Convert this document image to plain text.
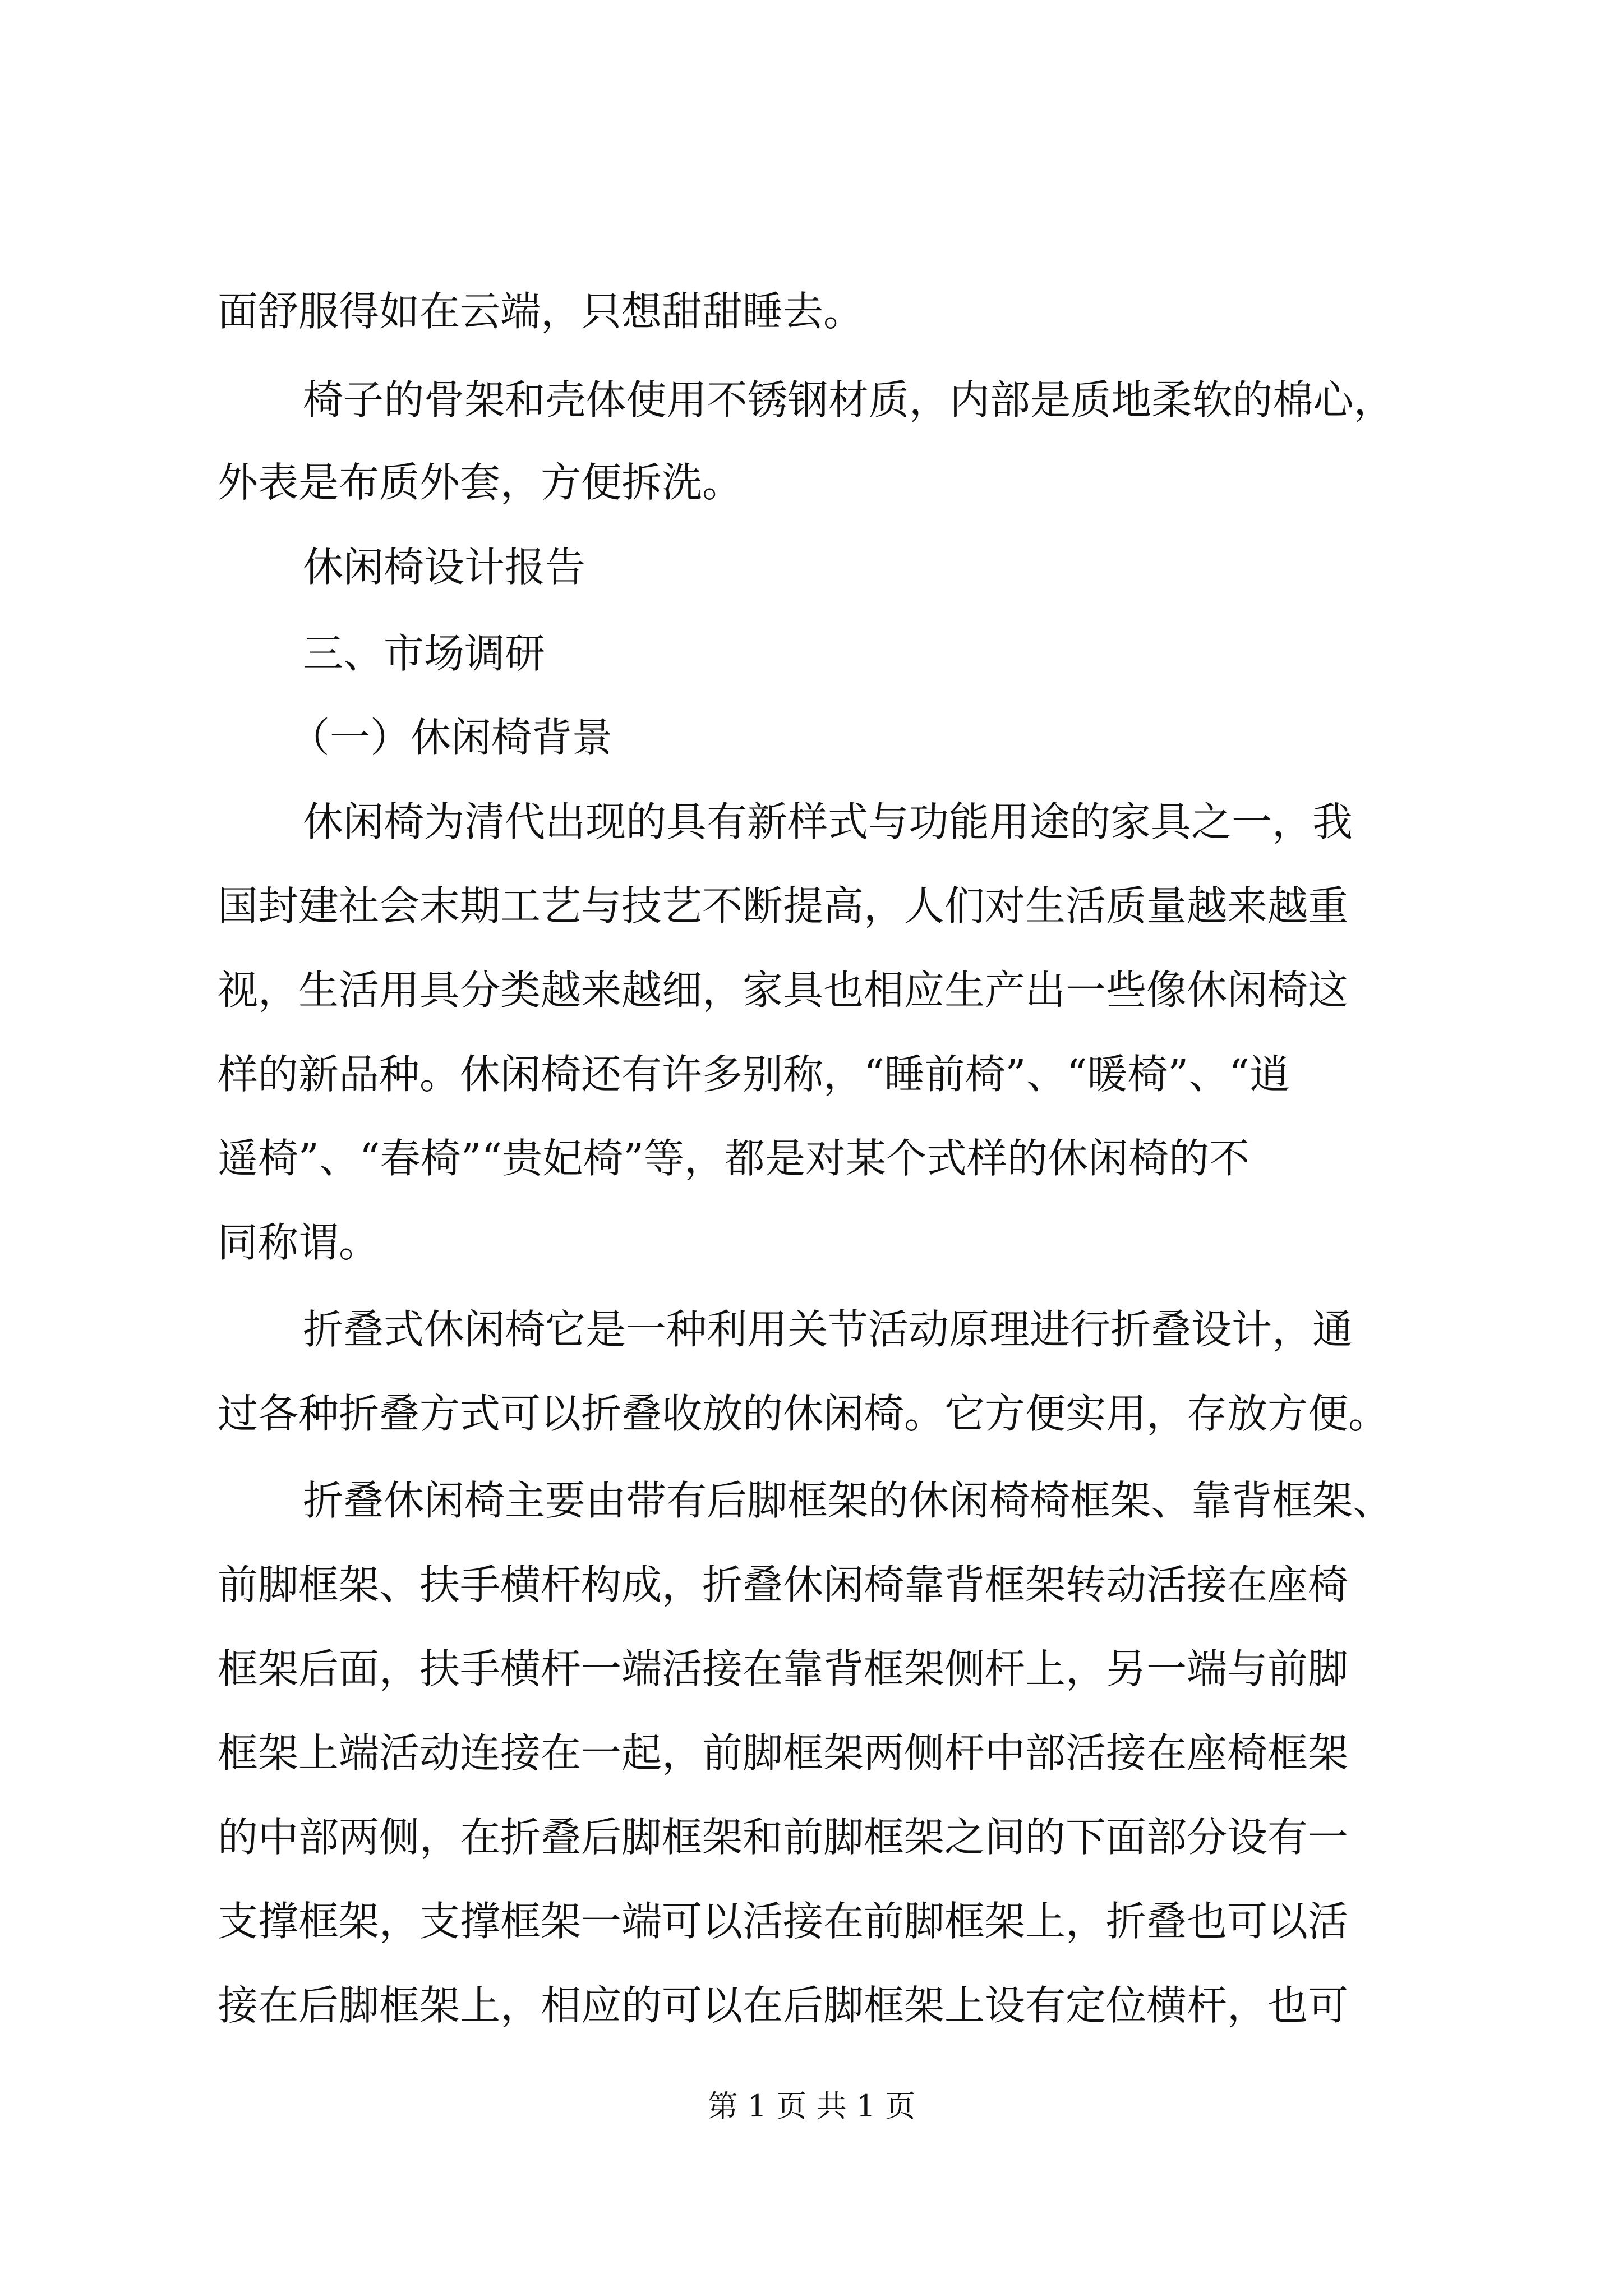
面舒服得如在云端，只想甜甜睡去。
椅子的骨架和壳体使用不锈钢材质，内部是质地柔软的棉心，
外表是布质外套，方便拆洗。
休闲椅设计报告
三、市场调研
（一）休闲椅背景
休闲椅为清代出现的具有新样式与功能用途的家具之一，我
国封建社会末期工艺与技艺不断提高，人们对生活质量越来越重
视，生活用具分类越来越细，家具也相应生产出一些像休闲椅这
样的新品种。休闲椅还有许多别称，“睡前椅”、“暖椅”、“逍
遥椅”、“春椅”“贵妃椅”等，都是对某个式样的休闲椅的不
同称谓。
折叠式休闲椅它是一种利用关节活动原理进行折叠设计，通
过各种折叠方式可以折叠收放的休闲椅。它方便实用，存放方便。
折叠休闲椅主要由带有后脚框架的休闲椅椅框架、靠背框架、
前脚框架、扶手横杆构成，折叠休闲椅靠背框架转动活接在座椅
框架后面，扶手横杆一端活接在靠背框架侧杆上，另一端与前脚
框架上端活动连接在一起，前脚框架两侧杆中部活接在座椅框架
的中部两侧，在折叠后脚框架和前脚框架之间的下面部分设有一
支撑框架，支撑框架一端可以活接在前脚框架上，折叠也可以活
接在后脚框架上，相应的可以在后脚框架上设有定位横杆，也可
第 1 页 共 1 页
